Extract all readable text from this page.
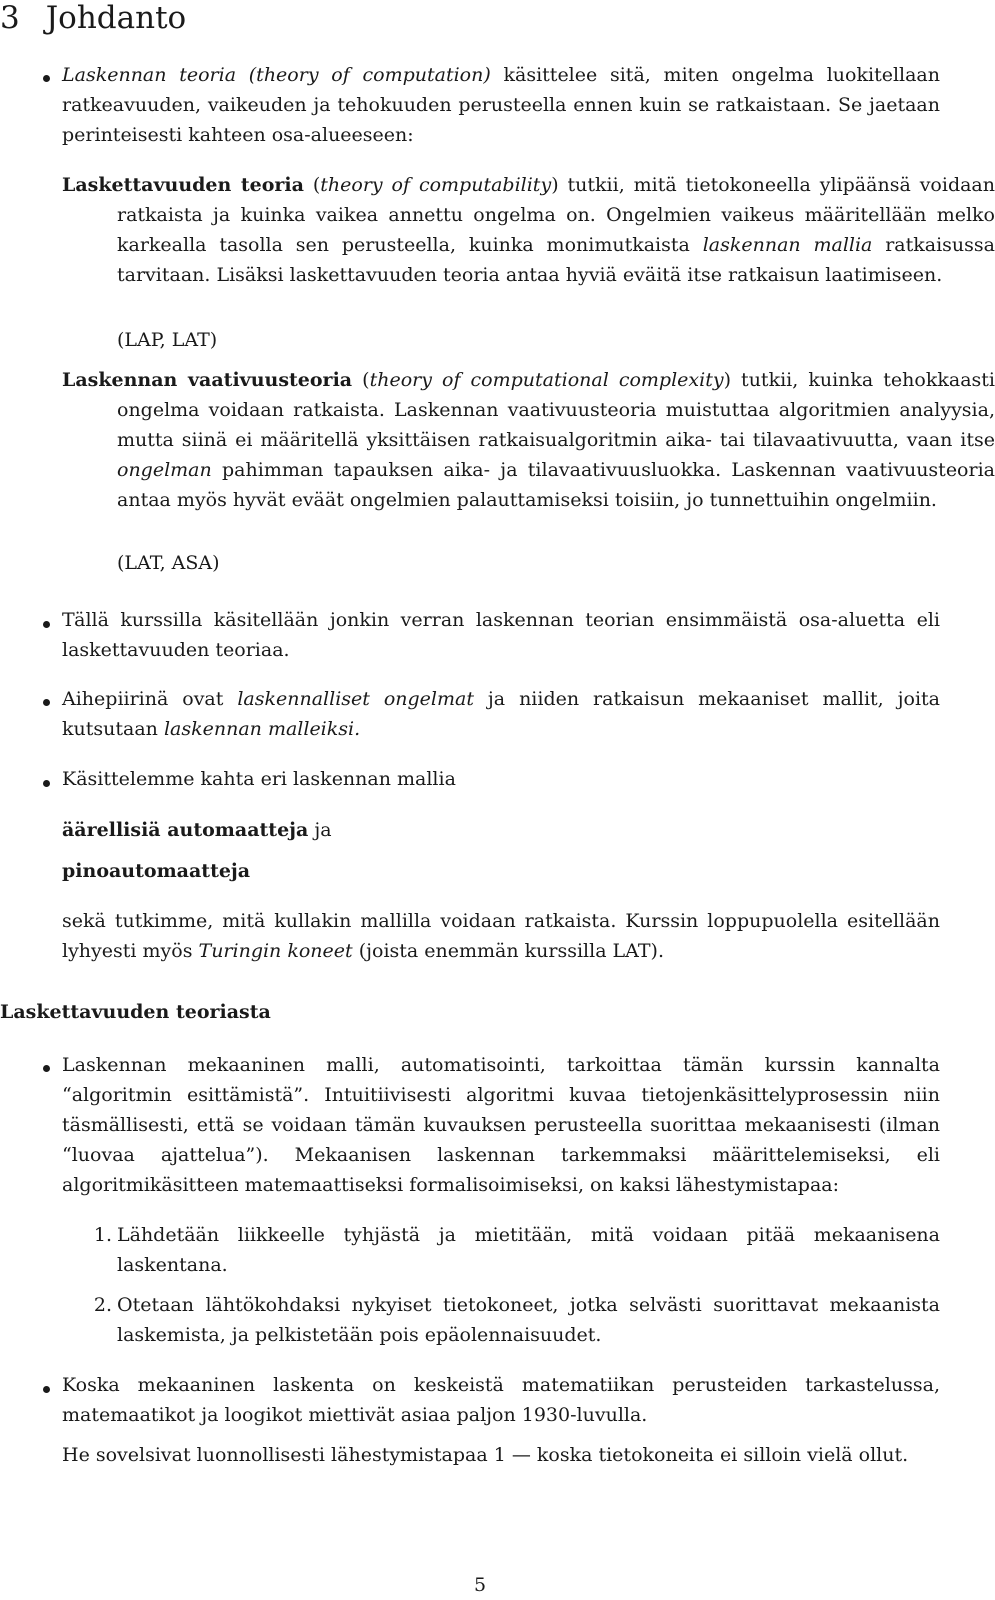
3 Johdanto

Laskennan teoria (theory of computation) käsittelee sitä, miten ongelma luokitellaan ratkeavuuden, vaikeuden ja tehokuuden perusteella ennen kuin se ratkaistaan. Se jaetaan perinteisesti kahteen osa-alueeseen:

Laskettavuuden teoria (theory of computability) tutkii, mitä tietokoneella ylipäänsä voidaan ratkaista ja kuinka vaikea annettu ongelma on. Ongelmien vaikeus määritellään melko karkealla tasolla sen perusteella, kuinka monimutkaista laskennan mallia ratkaisussa tarvitaan. Lisäksi laskettavuuden teoria antaa hyviä eväitä itse ratkaisun laatimiseen.

(LAP, LAT)

Laskennan vaativuusteoria (theory of computational complexity) tutkii, kuinka tehokkaasti ongelma voidaan ratkaista. Laskennan vaativuusteoria muistuttaa algoritmien analyysia, mutta siinä ei määritellä yksittäisen ratkaisualgoritmin aika- tai tilavaativuutta, vaan itse ongelman pahimman tapauksen aika- ja tilavaativuusluokka. Laskennan vaativuusteoria antaa myös hyvät eväät ongelmien palauttamiseksi toisiin, jo tunnettuihin ongelmiin.

(LAT, ASA)

Tällä kurssilla käsitellään jonkin verran laskennan teorian ensimmäistä osa-aluetta eli laskettavuuden teoriaa.

Aihepiirinä ovat laskennalliset ongelmat ja niiden ratkaisun mekaaniset mallit, joita kutsutaan laskennan malleiksi.

Käsittelemme kahta eri laskennan mallia

äärellisiä automaatteja ja

pinoautomaatteja

sekä tutkimme, mitä kullakin mallilla voidaan ratkaista. Kurssin loppupuolella esitellään lyhyesti myös Turingin koneet (joista enemmän kurssilla LAT).

Laskettavuuden teoriasta

Laskennan mekaaninen malli, automatisointi, tarkoittaa tämän kurssin kannalta “algoritmin esittämistä”. Intuitiivisesti algoritmi kuvaa tietojenkäsittelyprosessin niin täsmällisesti, että se voidaan tämän kuvauksen perusteella suorittaa mekaanisesti (ilman “luovaa ajattelua”). Mekaanisen laskennan tarkemmaksi määrittelemiseksi, eli algoritmikäsitteen matemaattiseksi formalisoimiseksi, on kaksi lähestymistapaa:

1. Lähdetään liikkeelle tyhjästä ja mietitään, mitä voidaan pitää mekaanisena laskentana.

2. Otetaan lähtökohdaksi nykyiset tietokoneet, jotka selvästi suorittavat mekaanista laskemista, ja pelkistetään pois epäolennaisuudet.

Koska mekaaninen laskenta on keskeistä matematiikan perusteiden tarkastelussa, matemaatikot ja loogikot miettivät asiaa paljon 1930-luvulla.

He sovelsivat luonnollisesti lähestymistapaa 1 — koska tietokoneita ei silloin vielä ollut.

5
